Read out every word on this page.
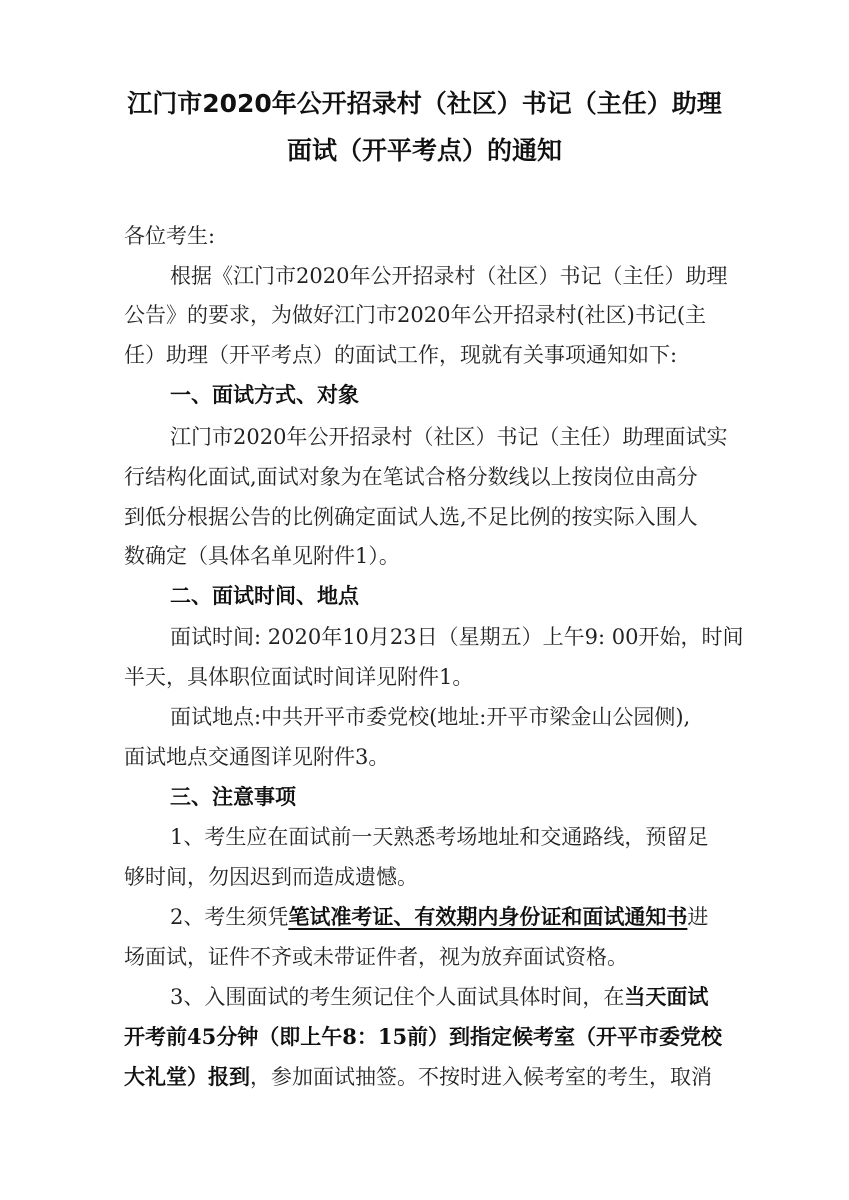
江门市2020年公开招录村（社区）书记（主任）助理
面试（开平考点）的通知
各位考生:
根据《江门市2020年公开招录村（社区）书记（主任）助理
公告》的要求，为做好江门市2020年公开招录村(社区)书记(主
任）助理（开平考点）的面试工作，现就有关事项通知如下:
一、面试方式、对象
江门市2020年公开招录村（社区）书记（主任）助理面试实
行结构化面试,面试对象为在笔试合格分数线以上按岗位由高分
到低分根据公告的比例确定面试人选,不足比例的按实际入围人
数确定（具体名单见附件1）。
二、面试时间、地点
面试时间: 2020年10月23日（星期五）上午9: 00开始，时间
半天，具体职位面试时间详见附件1。
面试地点:中共开平市委党校(地址:开平市梁金山公园侧),
面试地点交通图详见附件3。
三、注意事项
1、考生应在面试前一天熟悉考场地址和交通路线，预留足
够时间，勿因迟到而造成遗憾。
2、考生须凭笔试准考证、有效期内身份证和面试通知书进
场面试，证件不齐或未带证件者，视为放弃面试资格。
3、入围面试的考生须记住个人面试具体时间，在当天面试
开考前45分钟（即上午8：15前）到指定候考室（开平市委党校
大礼堂）报到，参加面试抽签。不按时进入候考室的考生，取消
